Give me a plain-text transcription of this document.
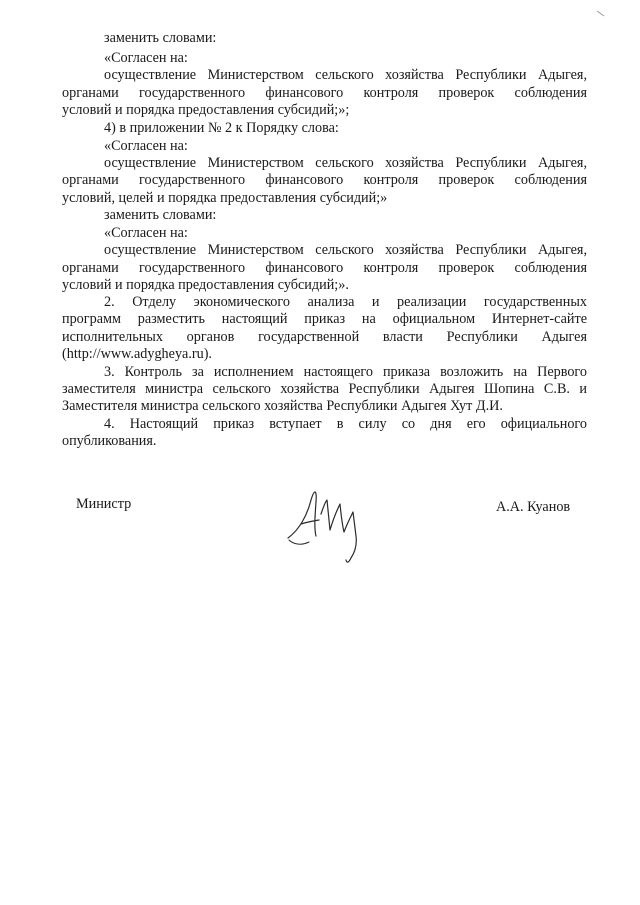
заменить словами:

«Согласен на:

осуществление Министерством сельского хозяйства Республики Адыгея,

органами государственного финансового контроля проверок соблюдения

условий и порядка предоставления субсидий;»;

4) в приложении № 2 к Порядку слова:

«Согласен на:

осуществление Министерством сельского хозяйства Республики Адыгея,

органами государственного финансового контроля проверок соблюдения

условий, целей и порядка предоставления субсидий;»

заменить словами:

«Согласен на:

осуществление Министерством сельского хозяйства Республики Адыгея,

органами государственного финансового контроля проверок соблюдения

условий и порядка предоставления субсидий;».

2. Отделу экономического анализа и реализации государственных

программ разместить настоящий приказ на официальном Интернет-сайте

исполнительных органов государственной власти Республики Адыгея

(http://www.adygheya.ru).

3. Контроль за исполнением настоящего приказа возложить на Первого

заместителя министра сельского хозяйства Республики Адыгея Шопина С.В. и

Заместителя министра сельского хозяйства Республики Адыгея Хут Д.И.

4. Настоящий приказ вступает в силу со дня его официального

опубликования.

Министр	А.А. Куанов
